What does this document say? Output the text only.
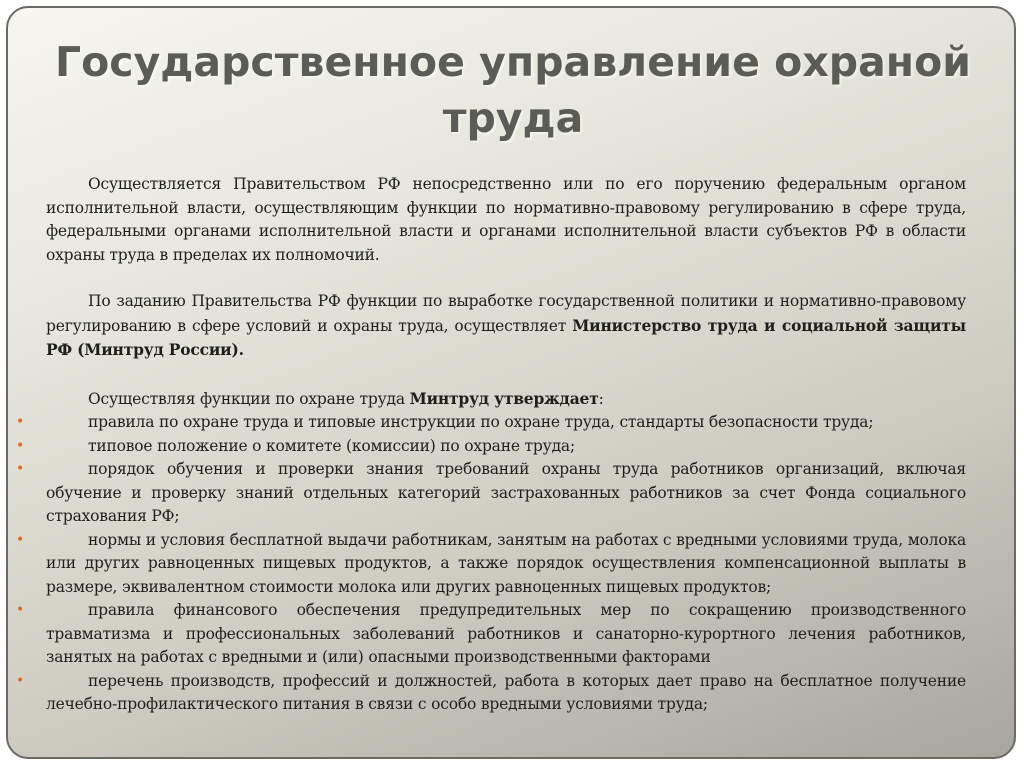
Государственное управление охраной труда

Осуществляется Правительством РФ непосредственно или по его поручению федеральным органом исполнительной власти, осуществляющим функции по нормативно-правовому регулированию в сфере труда, федеральными органами исполнительной власти и органами исполнительной власти субъектов РФ в области охраны труда в пределах их полномочий.

По заданию Правительства РФ функции по выработке государственной политики и нормативно-правовому регулированию в сфере условий и охраны труда, осуществляет Министерство труда и социальной защиты РФ (Минтруд России).

Осуществляя функции по охране труда Минтруд утверждает:

•	правила по охране труда и типовые инструкции по охране труда, стандарты безопасности труда;
•	типовое положение о комитете (комиссии) по охране труда;
•	порядок обучения и проверки знания требований охраны труда работников организаций, включая обучение и проверку знаний отдельных категорий застрахованных работников за счет Фонда социального страхования РФ;
•	нормы и условия бесплатной выдачи работникам, занятым на работах с вредными условиями труда, молока или других равноценных пищевых продуктов, а также порядок осуществления компенсационной выплаты в размере, эквивалентном стоимости молока или других равноценных пищевых продуктов;
•	правила финансового обеспечения предупредительных мер по сокращению производственного травматизма и профессиональных заболеваний работников и санаторно-курортного лечения работников, занятых на работах с вредными и (или) опасными производственными факторами
•	перечень производств, профессий и должностей, работа в которых дает право на бесплатное получение лечебно-профилактического питания в связи с особо вредными условиями труда;
